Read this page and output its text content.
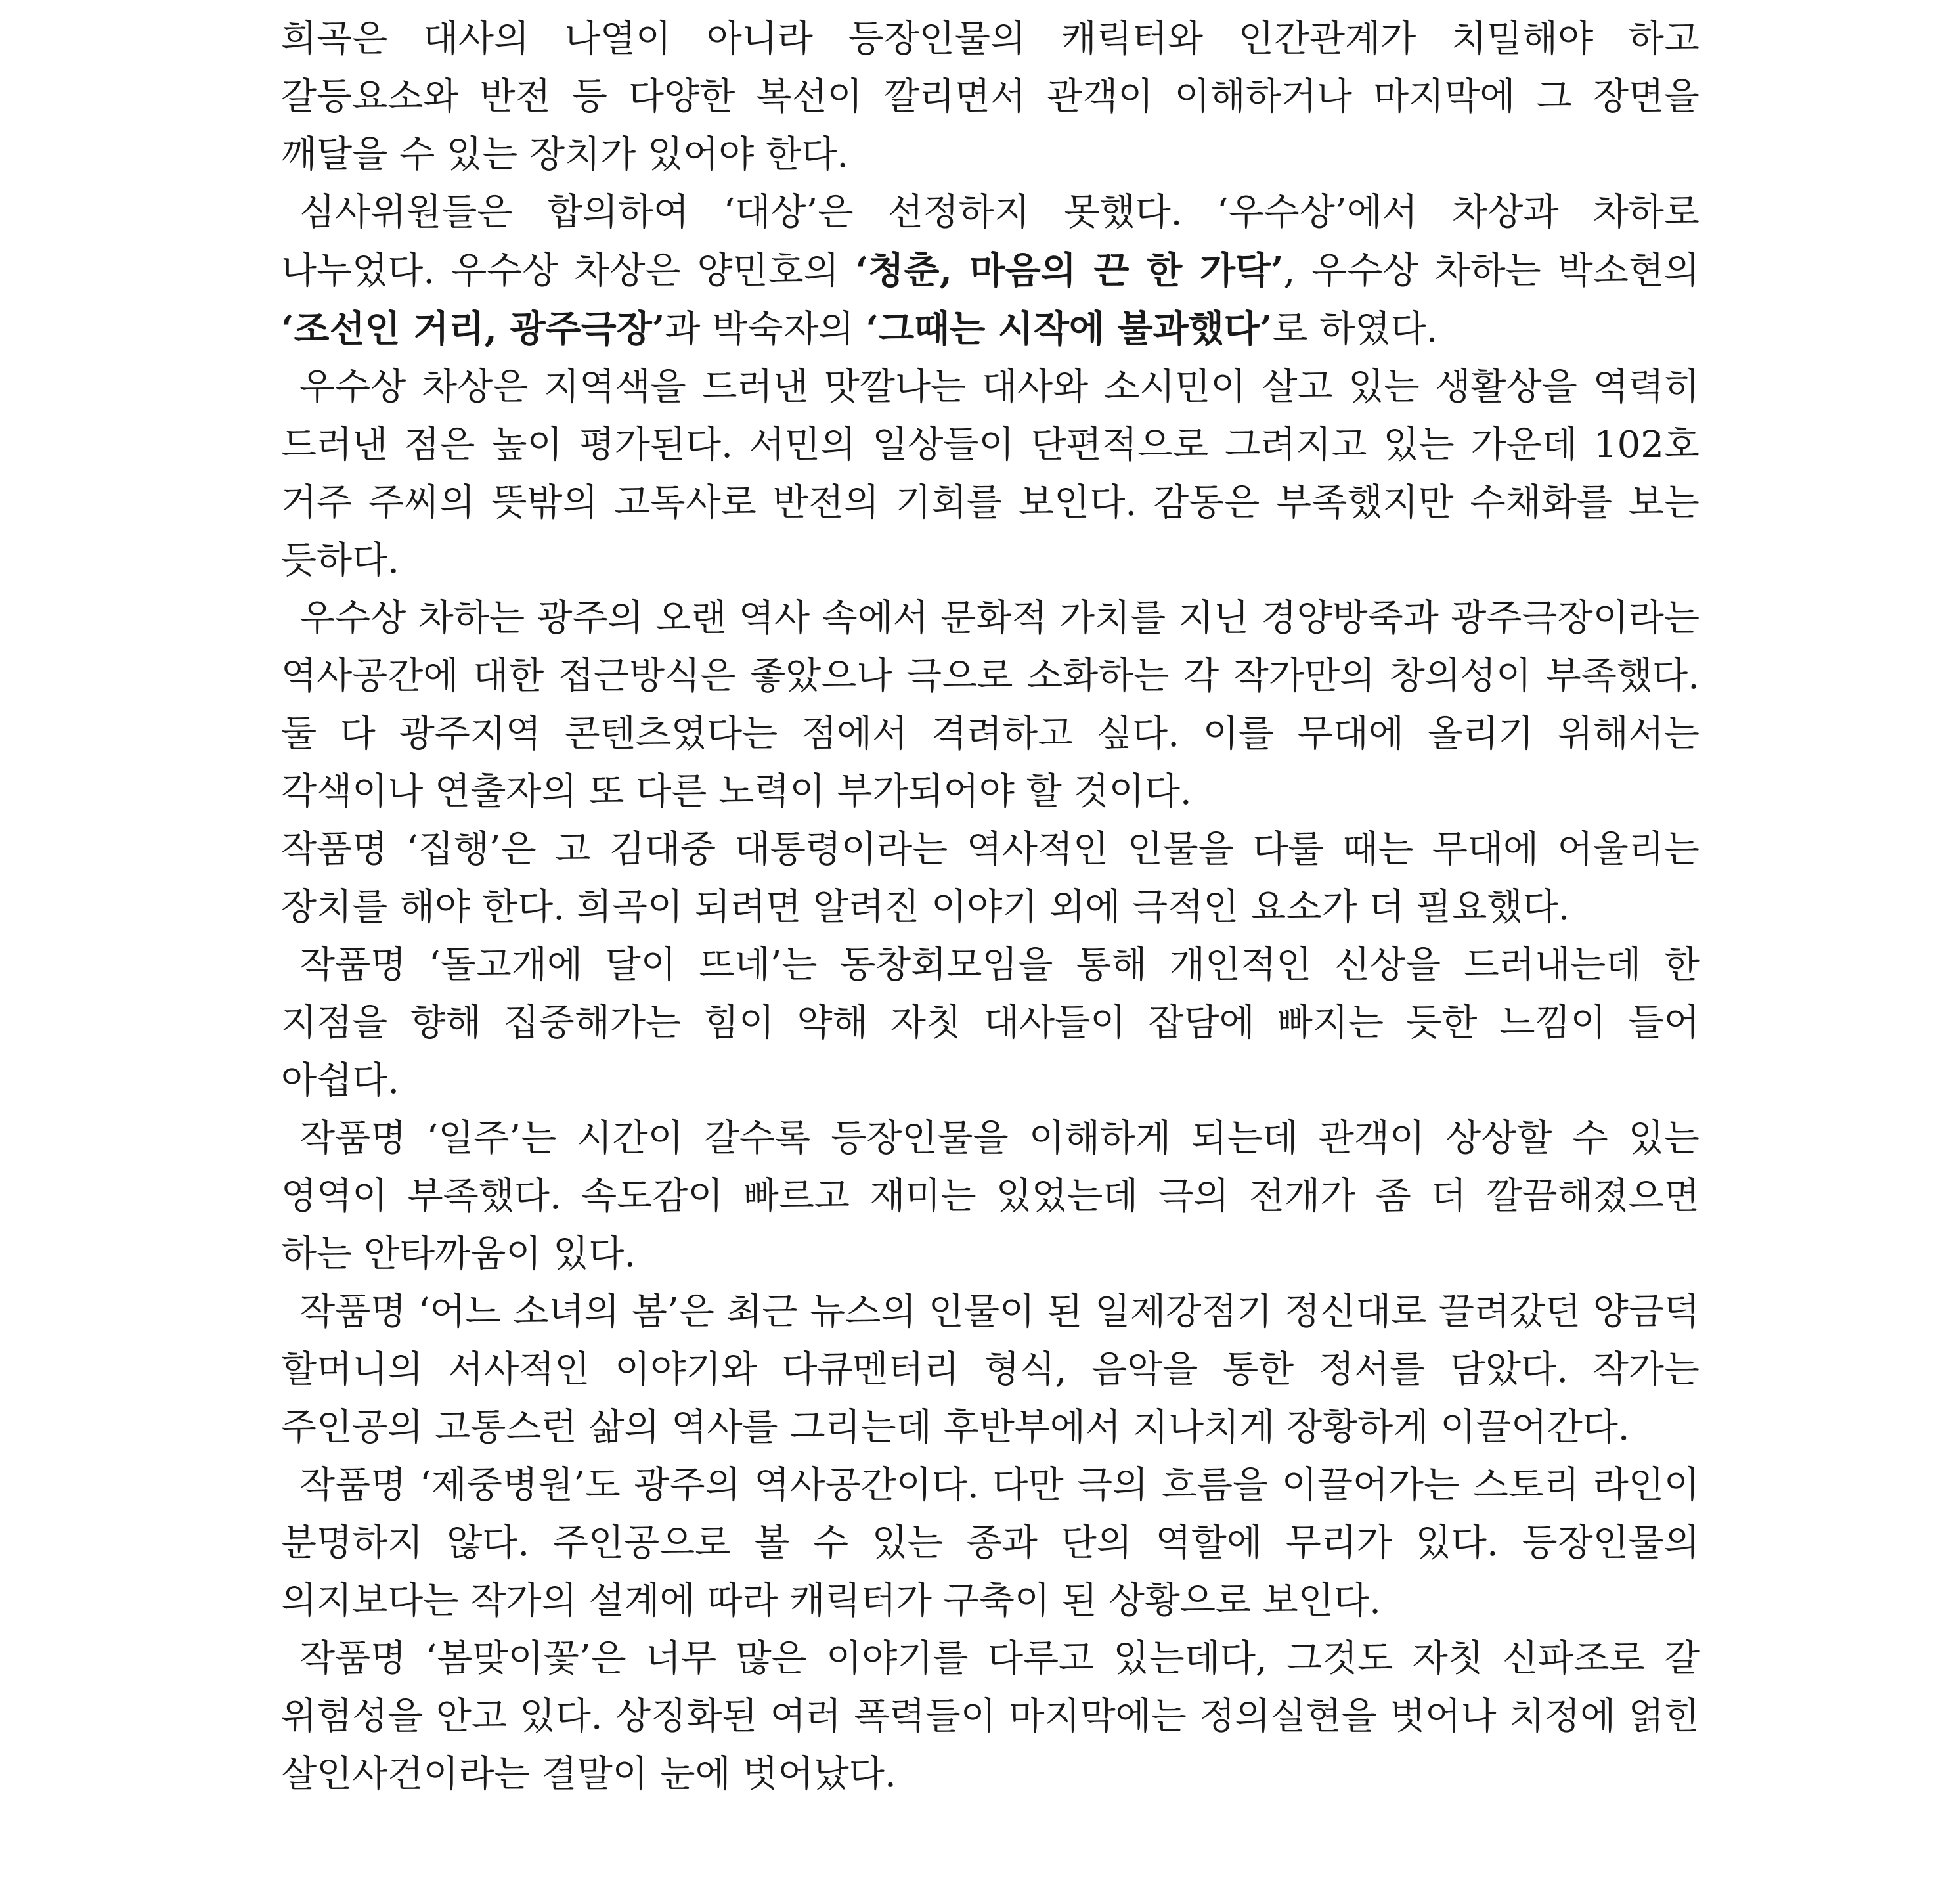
희곡은 대사의 나열이 아니라 등장인물의 캐릭터와 인간관계가 치밀해야 하고 갈등요소와 반전 등 다양한 복선이 깔리면서 관객이 이해하거나 마지막에 그 장면을 깨달을 수 있는 장치가 있어야 한다.

심사위원들은 합의하여 ‘대상’은 선정하지 못했다. ‘우수상’에서 차상과 차하로 나누었다. 우수상 차상은 양민호의 ‘청춘, 마음의 끈 한 가닥’, 우수상 차하는 박소현의 ‘조선인 거리, 광주극장’과 박숙자의 ‘그때는 시작에 불과했다’로 하였다.

우수상 차상은 지역색을 드러낸 맛깔나는 대사와 소시민이 살고 있는 생활상을 역력히 드러낸 점은 높이 평가된다. 서민의 일상들이 단편적으로 그려지고 있는 가운데 102호 거주 주씨의 뜻밖의 고독사로 반전의 기회를 보인다. 감동은 부족했지만 수채화를 보는 듯하다.

우수상 차하는 광주의 오랜 역사 속에서 문화적 가치를 지닌 경양방죽과 광주극장이라는 역사공간에 대한 접근방식은 좋았으나 극으로 소화하는 각 작가만의 창의성이 부족했다. 둘 다 광주지역 콘텐츠였다는 점에서 격려하고 싶다. 이를 무대에 올리기 위해서는 각색이나 연출자의 또 다른 노력이 부가되어야 할 것이다.

작품명 ‘집행’은 고 김대중 대통령이라는 역사적인 인물을 다룰 때는 무대에 어울리는 장치를 해야 한다. 희곡이 되려면 알려진 이야기 외에 극적인 요소가 더 필요했다.

작품명 ‘돌고개에 달이 뜨네’는 동창회모임을 통해 개인적인 신상을 드러내는데 한 지점을 향해 집중해가는 힘이 약해 자칫 대사들이 잡담에 빠지는 듯한 느낌이 들어 아쉽다.

작품명 ‘일주’는 시간이 갈수록 등장인물을 이해하게 되는데 관객이 상상할 수 있는 영역이 부족했다. 속도감이 빠르고 재미는 있었는데 극의 전개가 좀 더 깔끔해졌으면 하는 안타까움이 있다.

작품명 ‘어느 소녀의 봄’은 최근 뉴스의 인물이 된 일제강점기 정신대로 끌려갔던 양금덕 할머니의 서사적인 이야기와 다큐멘터리 형식, 음악을 통한 정서를 담았다. 작가는 주인공의 고통스런 삶의 역사를 그리는데 후반부에서 지나치게 장황하게 이끌어간다.

작품명 ‘제중병원’도 광주의 역사공간이다. 다만 극의 흐름을 이끌어가는 스토리 라인이 분명하지 않다. 주인공으로 볼 수 있는 종과 단의 역할에 무리가 있다. 등장인물의 의지보다는 작가의 설계에 따라 캐릭터가 구축이 된 상황으로 보인다.

작품명 ‘봄맞이꽃’은 너무 많은 이야기를 다루고 있는데다, 그것도 자칫 신파조로 갈 위험성을 안고 있다. 상징화된 여러 폭력들이 마지막에는 정의실현을 벗어나 치정에 얽힌 살인사건이라는 결말이 눈에 벗어났다.
